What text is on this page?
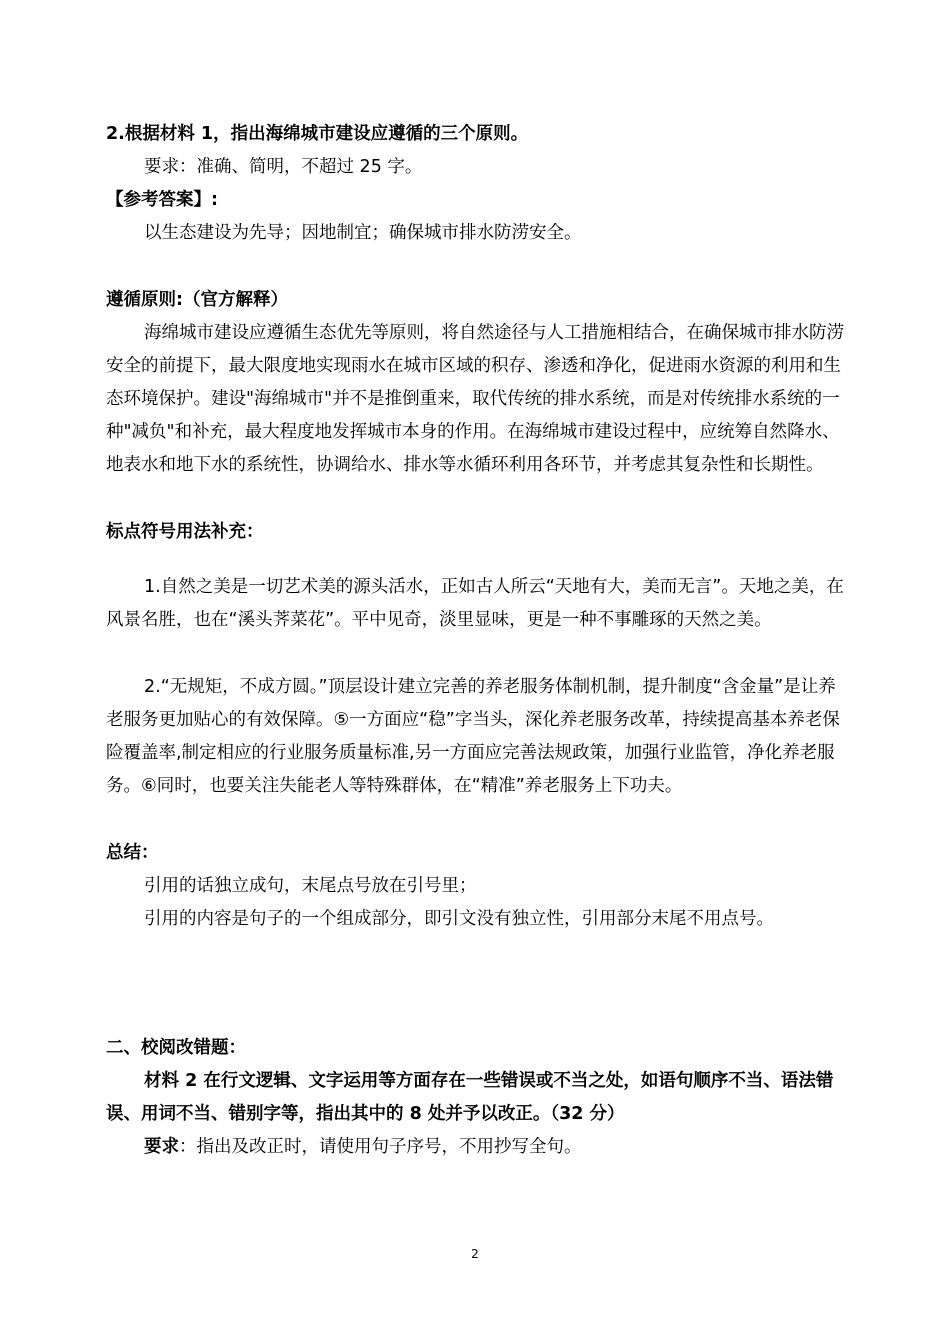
2.根据材料 1，指出海绵城市建设应遵循的三个原则。

要求：准确、简明，不超过 25 字。

【参考答案】:

以生态建设为先导；因地制宜；确保城市排水防涝安全。

遵循原则:（官方解释）

海绵城市建设应遵循生态优先等原则，将自然途径与人工措施相结合，在确保城市排水防涝安全的前提下，最大限度地实现雨水在城市区域的积存、渗透和净化，促进雨水资源的利用和生态环境保护。建设"海绵城市"并不是推倒重来，取代传统的排水系统，而是对传统排水系统的一种"减负"和补充，最大程度地发挥城市本身的作用。在海绵城市建设过程中，应统筹自然降水、地表水和地下水的系统性，协调给水、排水等水循环利用各环节，并考虑其复杂性和长期性。

标点符号用法补充：

1.自然之美是一切艺术美的源头活水，正如古人所云“天地有大，美而无言”。天地之美，在风景名胜，也在“溪头荠菜花”。平中见奇，淡里显味，更是一种不事雕琢的天然之美。

2.“无规矩，不成方圆。”顶层设计建立完善的养老服务体制机制，提升制度“含金量”是让养老服务更加贴心的有效保障。⑤一方面应“稳”字当头，深化养老服务改革，持续提高基本养老保险覆盖率,制定相应的行业服务质量标准,另一方面应完善法规政策，加强行业监管，净化养老服务。⑥同时，也要关注失能老人等特殊群体，在“精准”养老服务上下功夫。

总结：

引用的话独立成句，末尾点号放在引号里；

引用的内容是句子的一个组成部分，即引文没有独立性，引用部分末尾不用点号。

二、校阅改错题：

材料 2 在行文逻辑、文字运用等方面存在一些错误或不当之处，如语句顺序不当、语法错误、用词不当、错别字等，指出其中的 8 处并予以改正。（32 分）

要求：指出及改正时，请使用句子序号，不用抄写全句。

2
